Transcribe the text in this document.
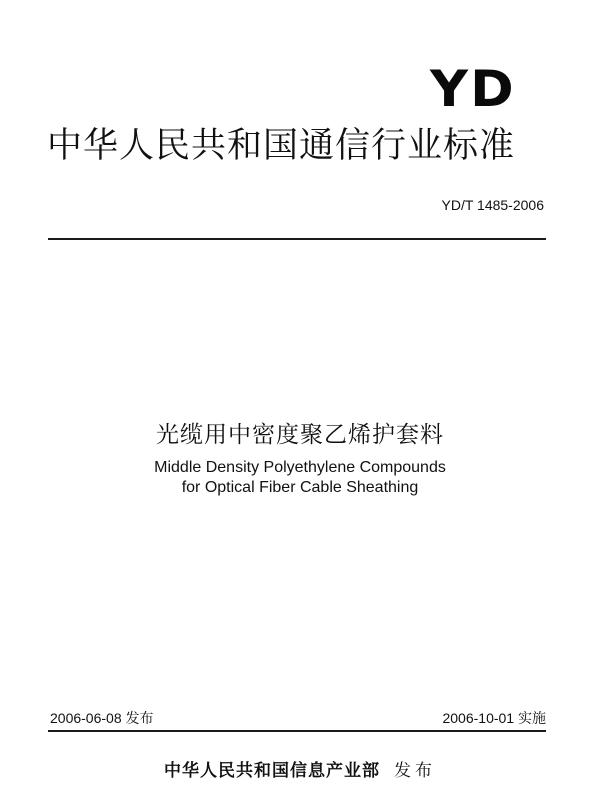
YD
中华人民共和国通信行业标准
YD/T 1485-2006
光缆用中密度聚乙烯护套料
Middle Density Polyethylene Compounds
for Optical Fiber Cable Sheathing
2006-06-08 发布	2006-10-01 实施
中华人民共和国信息产业部 发布
